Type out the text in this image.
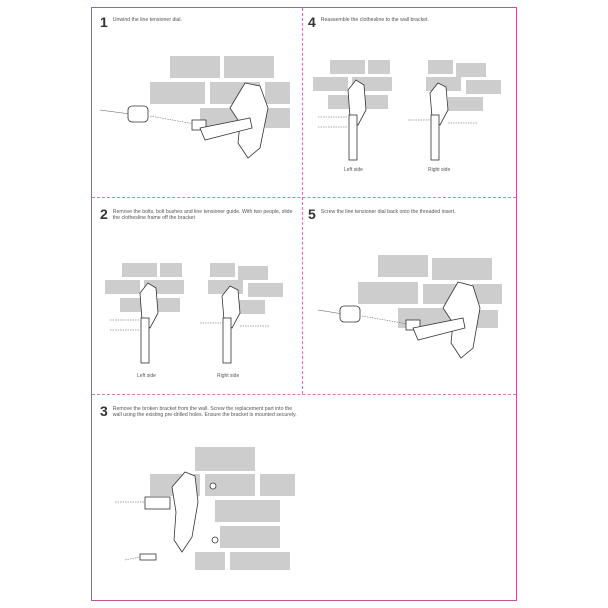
1 Unwind the line tensioner dial.	4 Reassemble the clothesline to the wall bracket.
Left side	Right side
2 Remove the bolts, bolt bushes and line tensioner guide. With two people, slide the clothesline frame off the bracket
Left side	Right side
5 Screw the line tensioner dial back onto the threaded insert.
3 Remove the broken bracket from the wall. Screw the replacement part into the wall using the existing pre-drilled holes. Ensure the bracket is mounted securely.
